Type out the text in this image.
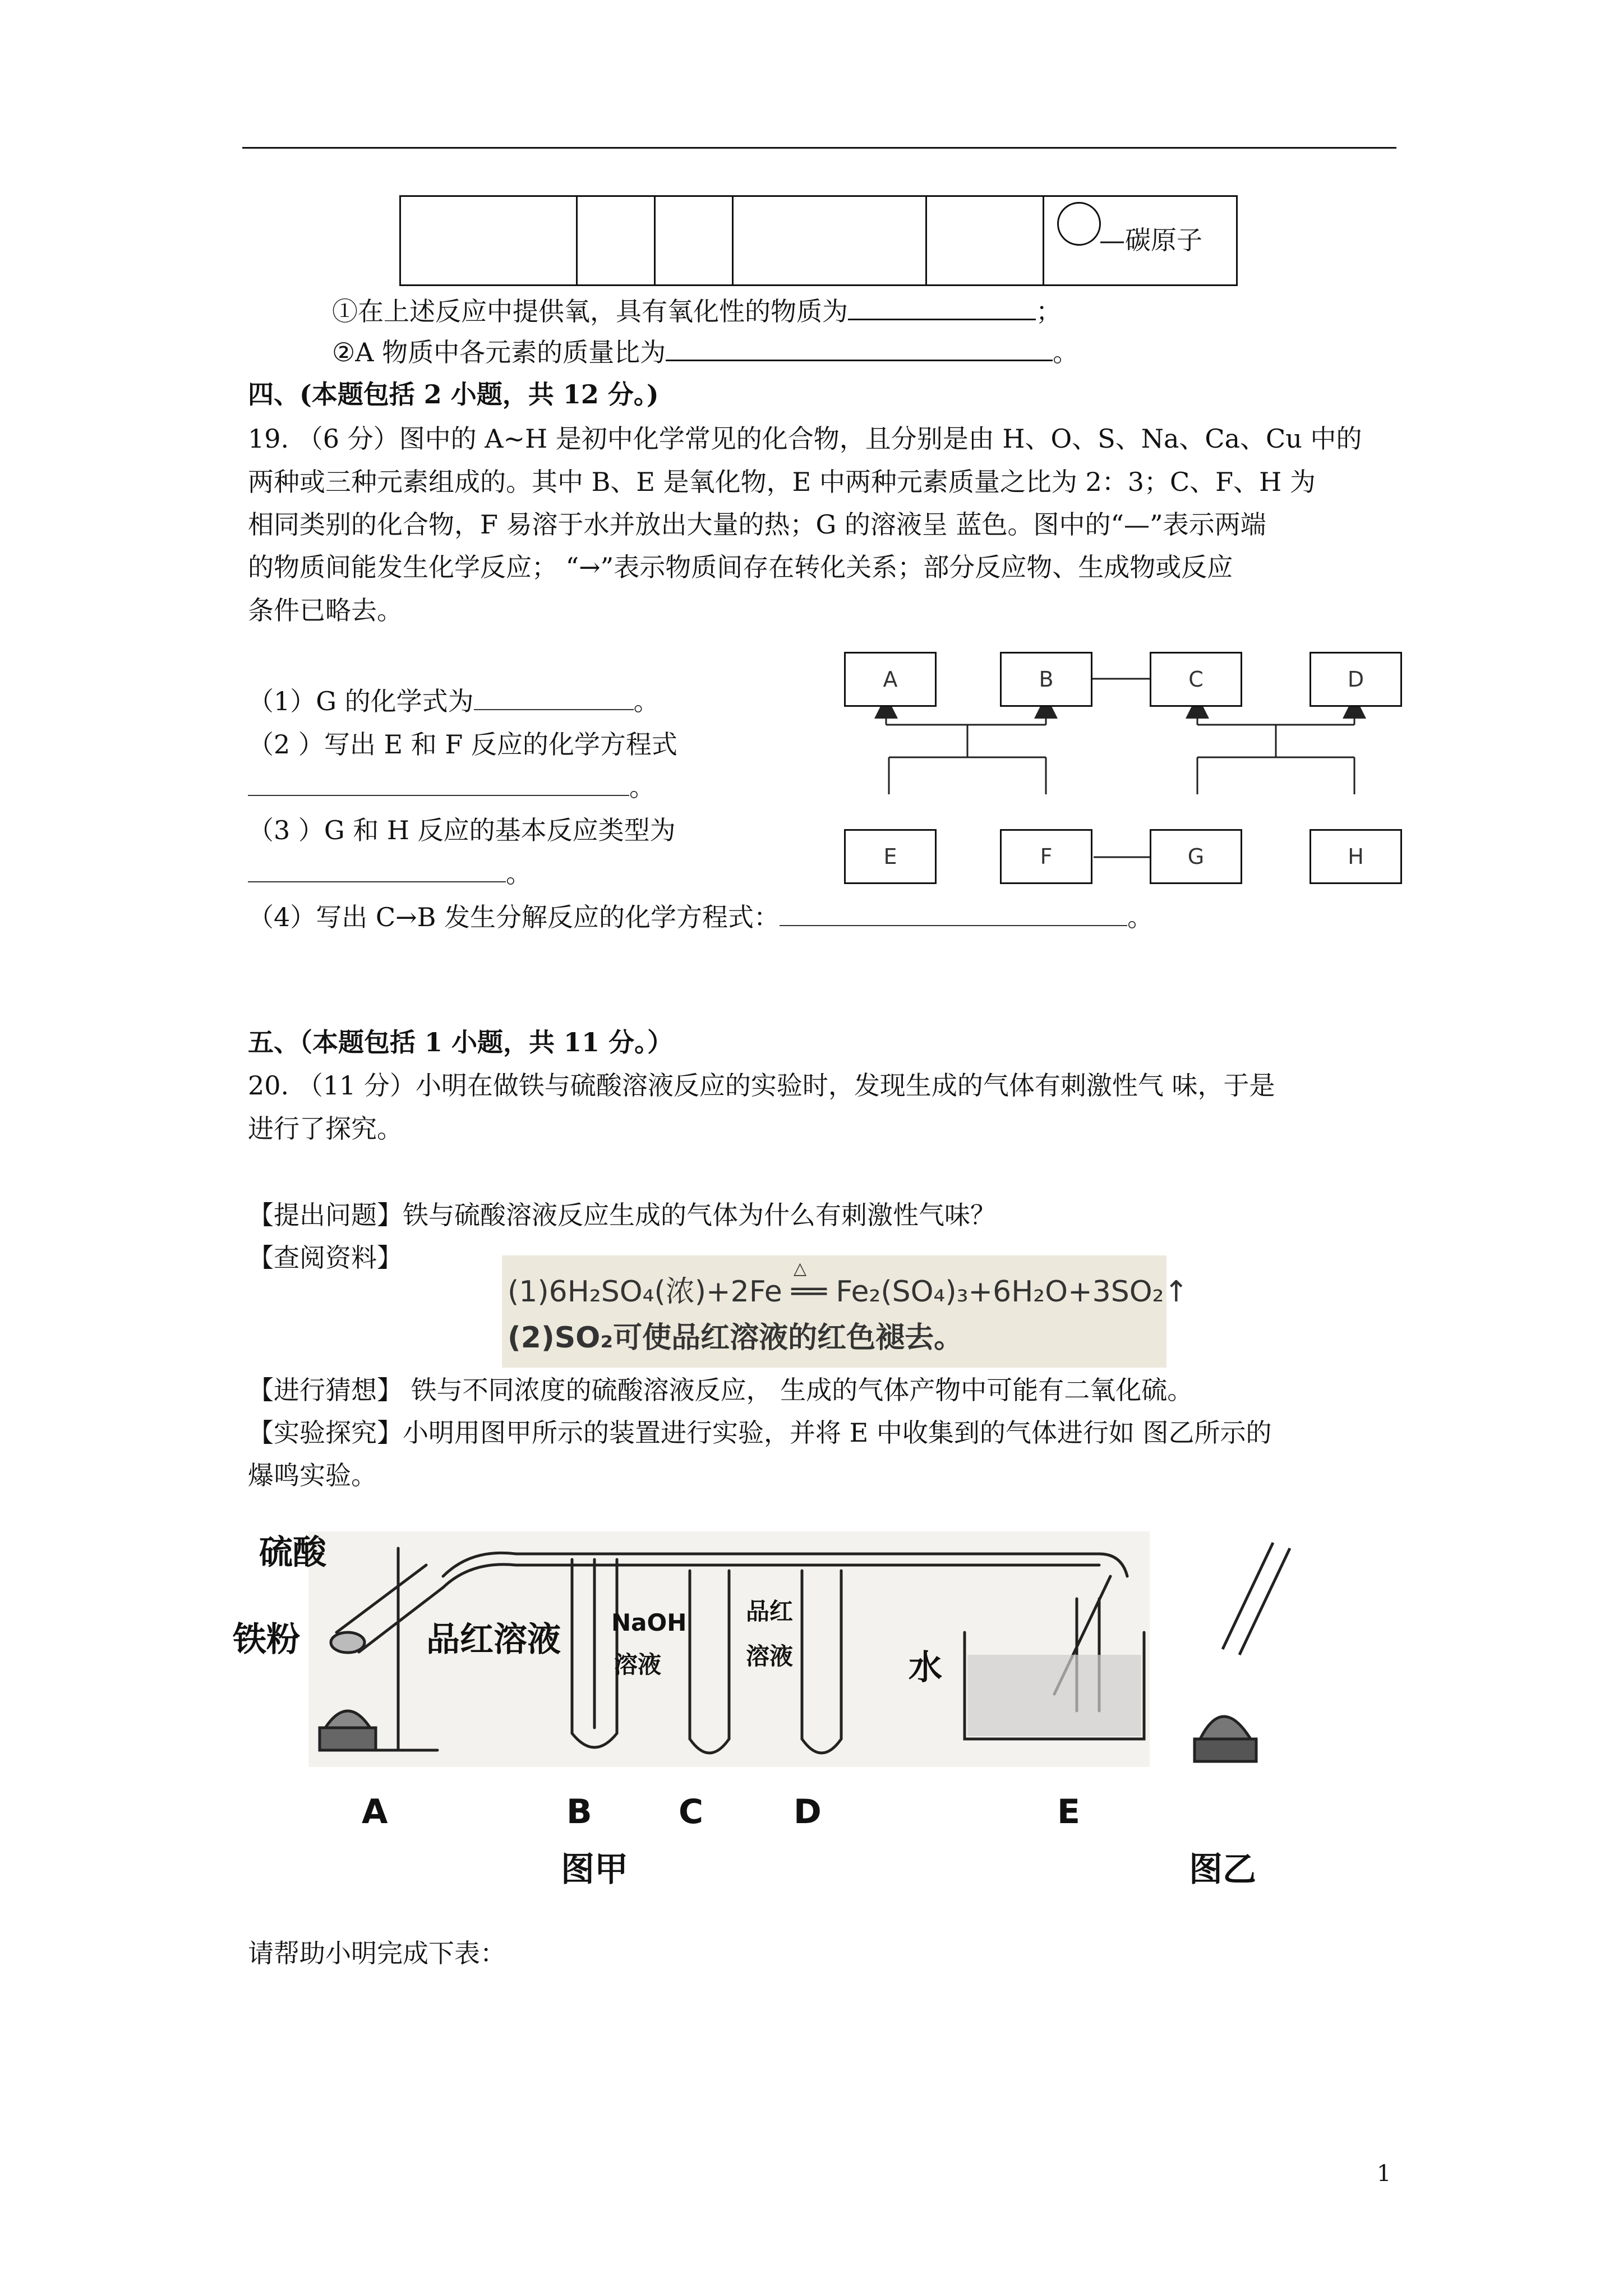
—碳原子
①在上述反应中提供氧，具有氧化性的物质为	；
②A 物质中各元素的质量比为	。
四、(本题包括 2 小题，共 12 分。)
19. （6 分）图中的 A~H 是初中化学常见的化合物，且分别是由 H、O、S、Na、Ca、Cu 中的
两种或三种元素组成的。其中 B、E 是氧化物，E 中两种元素质量之比为 2：3；C、F、H 为
相同类别的化合物，F 易溶于水并放出大量的热；G 的溶液呈 蓝色。图中的“—”表示两端
的物质间能发生化学反应； “→”表示物质间存在转化关系；部分反应物、生成物或反应
条件已略去。
（1）G 的化学式为	。
（2 ）写出 E 和 F 反应的化学方程式
。
（3 ）G 和 H 反应的基本反应类型为
。
（4）写出 C→B 发生分解反应的化学方程式：	。
A	B	C	D
E	F	G	H
五、（本题包括 1 小题，共 11 分。）
20. （11 分）小明在做铁与硫酸溶液反应的实验时，发现生成的气体有刺激性气 味，于是
进行了探究。
【提出问题】铁与硫酸溶液反应生成的气体为什么有刺激性气味？
【查阅资料】	△
(1)6H₂SO₄(浓)+2Fe ══ Fe₂(SO₄)₃+6H₂O+3SO₂↑
(2)SO₂可使品红溶液的红色褪去。
【进行猜想】 铁与不同浓度的硫酸溶液反应， 生成的气体产物中可能有二氧化硫。
【实验探究】小明用图甲所示的装置进行实验，并将 E 中收集到的气体进行如 图乙所示的
爆鸣实验。
硫酸
铁粉	品红溶液 NaOH
溶液
品红
溶液	水
A	B	C	D	E
图甲	图乙
请帮助小明完成下表：
1
